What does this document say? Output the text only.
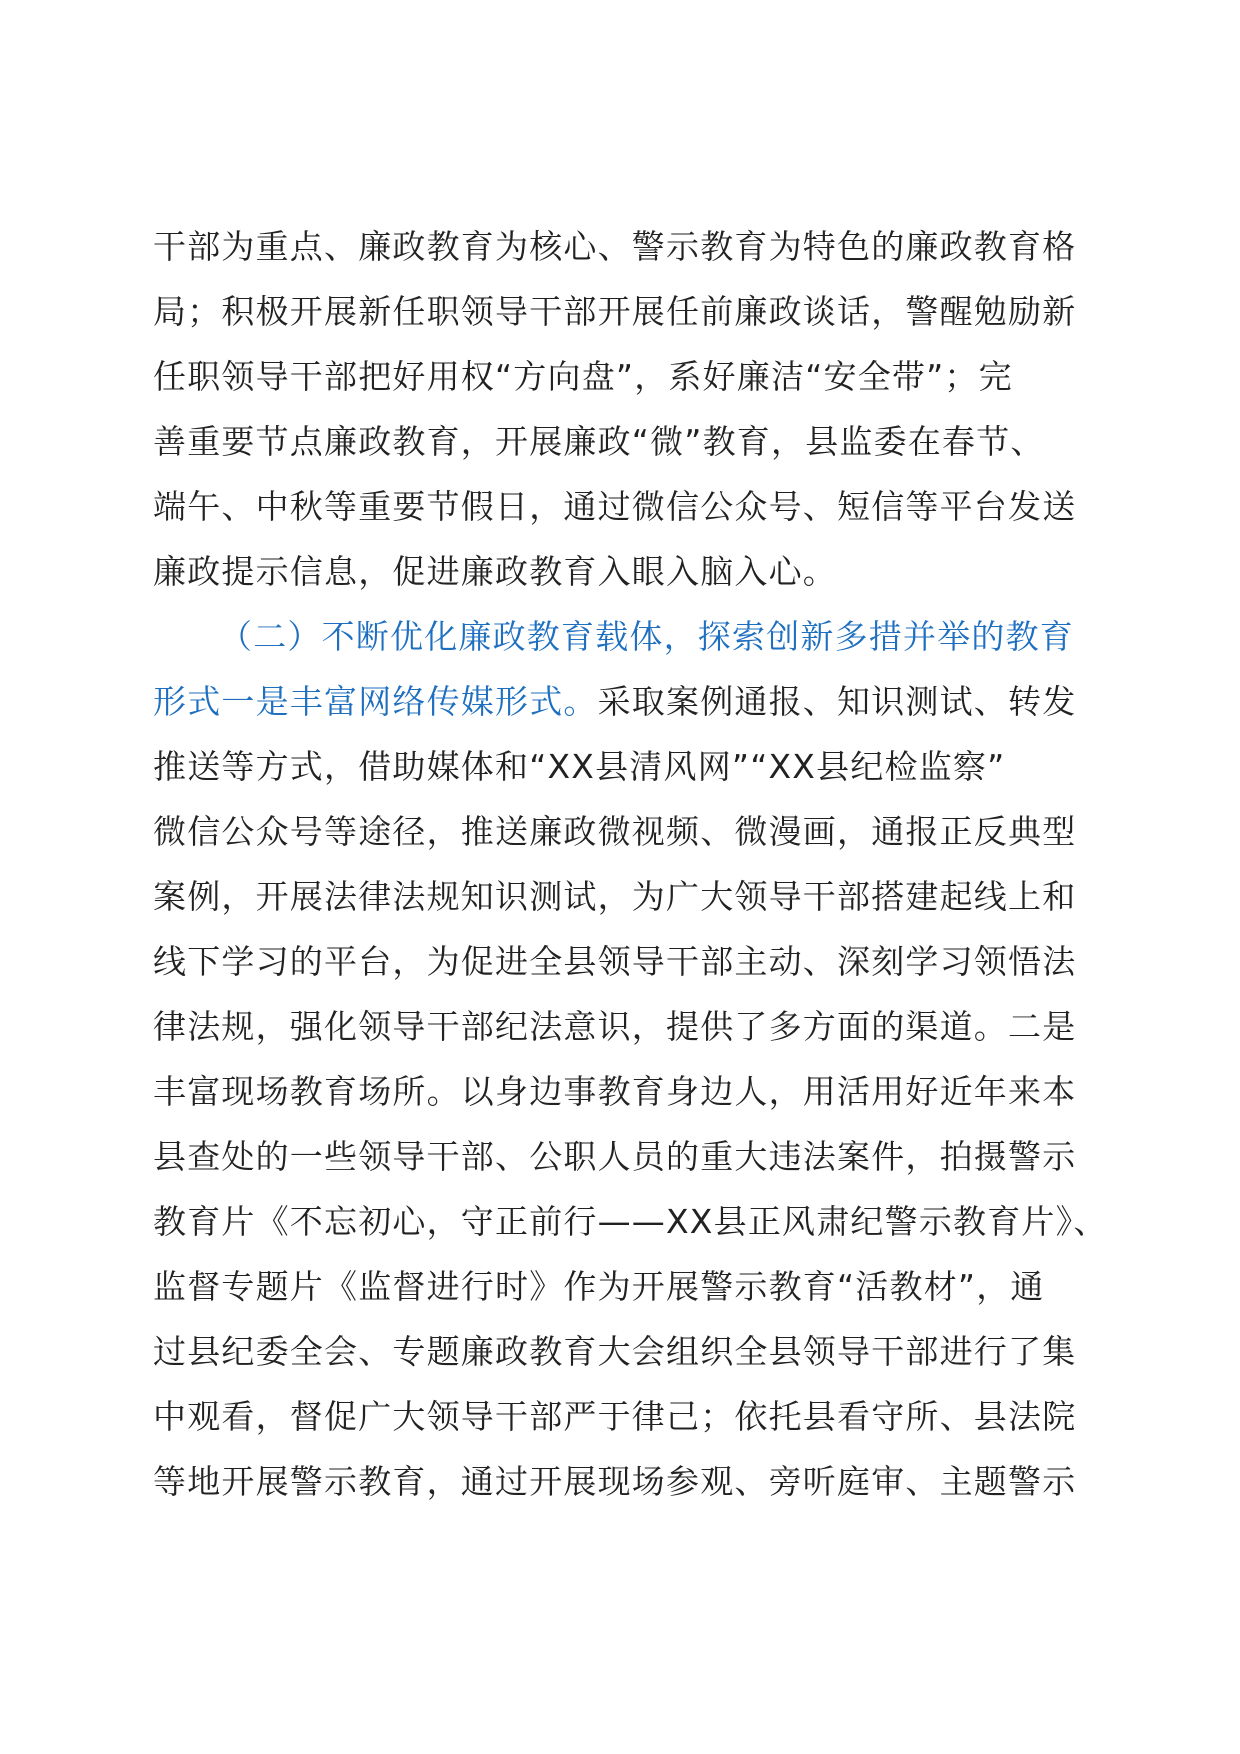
干部为重点、廉政教育为核心、警示教育为特色的廉政教育格
局；积极开展新任职领导干部开展任前廉政谈话，警醒勉励新
任职领导干部把好用权“方向盘”，系好廉洁“安全带”；完
善重要节点廉政教育，开展廉政“微”教育，县监委在春节、
端午、中秋等重要节假日，通过微信公众号、短信等平台发送
廉政提示信息，促进廉政教育入眼入脑入心。
（二）不断优化廉政教育载体，探索创新多措并举的教育
形式一是丰富网络传媒形式。采取案例通报、知识测试、转发
推送等方式，借助媒体和“XX县清风网”“XX县纪检监察”
微信公众号等途径，推送廉政微视频、微漫画，通报正反典型
案例，开展法律法规知识测试，为广大领导干部搭建起线上和
线下学习的平台，为促进全县领导干部主动、深刻学习领悟法
律法规，强化领导干部纪法意识，提供了多方面的渠道。二是
丰富现场教育场所。以身边事教育身边人，用活用好近年来本
县查处的一些领导干部、公职人员的重大违法案件，拍摄警示
教育片《不忘初心，守正前行——XX县正风肃纪警示教育片》、
监督专题片《监督进行时》作为开展警示教育“活教材”，通
过县纪委全会、专题廉政教育大会组织全县领导干部进行了集
中观看，督促广大领导干部严于律己；依托县看守所、县法院
等地开展警示教育，通过开展现场参观、旁听庭审、主题警示
